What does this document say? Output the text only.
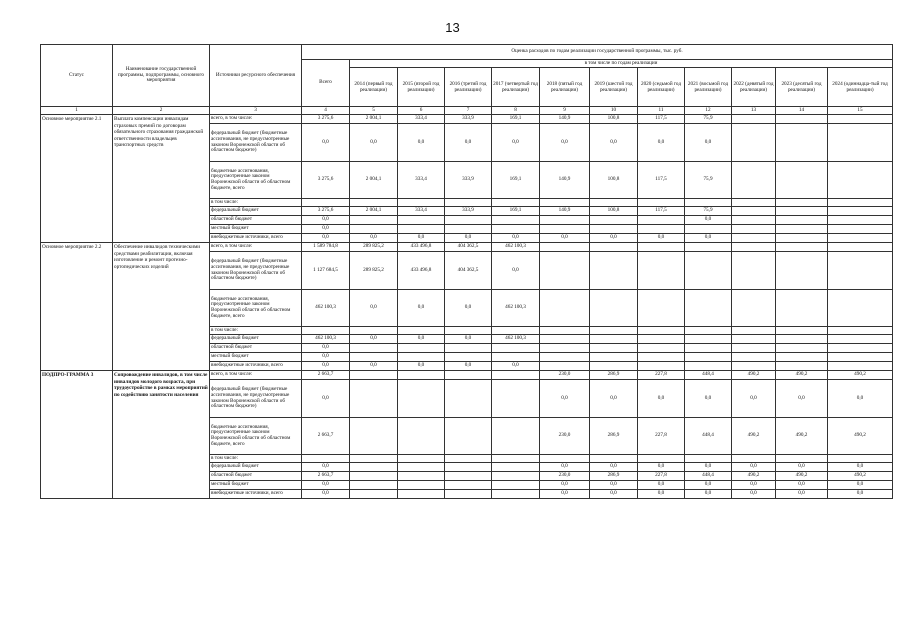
13
Статус	Наименование государственной программы, подпрограммы, основного мероприятия	Источники ресурсного обеспечения	Оценка расходов по годам реализации государственной программы, тыс. руб.											
			Всего	в том числе по годам реализации										
				2014 (первый год реализации)	2015 (второй год реализации)	2016 (третий год реализации)	2017 (четвертый год реализации)	2018 (пятый год реализации)	2019 (шестой год реализации)	2020 (седьмой год реализации)	2021 (восьмой год реализации)	2022 (девятый год реализации)	2023 (десятый год реализации)	2024 (одиннадца-тый год реализации)
1	2	3	4	5	6	7	8	9	10	11	12	13	14	15
Основное мероприятие 2.1	Выплата компенсации инвалидам страховых премий по договорам обязательного страхования гражданской ответственности владельцев транспортных средств	всего, в том числе:	3 275,6	2 004,1	333,4	333,9	169,1	140,9	100,8	117,5	75,9			
		федеральный бюджет (бюджетные ассигнования, не предусмотренные законом Воронежской области об областном бюджете)	0,0	0,0	0,0	0,0	0,0	0,0	0,0	0,0	0,0			
		бюджетные ассигнования, предусмотренные законом Воронежской области об областном бюджете, всего	3 275,6	2 004,1	333,4	333,9	169,1	140,9	100,8	117,5	75,9			
		в том числе:												
		федеральный бюджет	3 275,6	2 004,1	333,4	333,9	169,1	140,9	100,8	117,5	75,9			
		областной бюджет	0,0								0,0			
		местный бюджет	0,0											
		внебюджетные источники, всего	0,0	0,0	0,0	0,0	0,0	0,0	0,0	0,0	0,0			
Основное мероприятие 2.2	Обеспечение инвалидов техническими средствами реабилитации, включая изготовление и ремонт протезно-ортопедических изделий	всего, в том числе:	1 589 784,8	289 825,2	433 496,8	404 362,5	462 100,3							
		федеральный бюджет (бюджетные ассигнования, не предусмотренные законом Воронежской области об областном бюджете)	1 127 684,5	289 825,2	433 496,8	404 362,5	0,0							
		бюджетные ассигнования, предусмотренные законом Воронежской области об областном бюджете, всего	462 100,3	0,0	0,0	0,0	462 100,3							
		в том числе:												
		федеральный бюджет	462 100,3	0,0	0,0	0,0	462 100,3							
		областной бюджет	0,0											
		местный бюджет	0,0											
		внебюджетные источники, всего	0,0	0,0	0,0	0,0	0,0							
ПОДПРО-ГРАММА 3	Сопровождение инвалидов, в том числе инвалидов молодого возраста, при трудоустройстве в рамках мероприятий по содействию занятости населения	всего, в том числе:	2 663,7					230,0	286,9	227,8	448,4	490,2	490,2	490,2
		федеральный бюджет (бюджетные ассигнования, не предусмотренные законом Воронежской области об областном бюджете)	0,0					0,0	0,0	0,0	0,0	0,0	0,0	0,0
		бюджетные ассигнования, предусмотренные законом Воронежской области об областном бюджете, всего	2 663,7					230,0	286,9	227,8	448,4	490,2	490,2	490,2
		в том числе:												
		федеральный бюджет	0,0					0,0	0,0	0,0	0,0	0,0	0,0	0,0
		областной бюджет	2 663,7					230,0	286,9	227,8	448,4	490,2	490,2	490,2
		местный бюджет	0,0					0,0	0,0	0,0	0,0	0,0	0,0	0,0
		внебюджетные источники, всего	0,0					0,0	0,0	0,0	0,0	0,0	0,0	0,0
